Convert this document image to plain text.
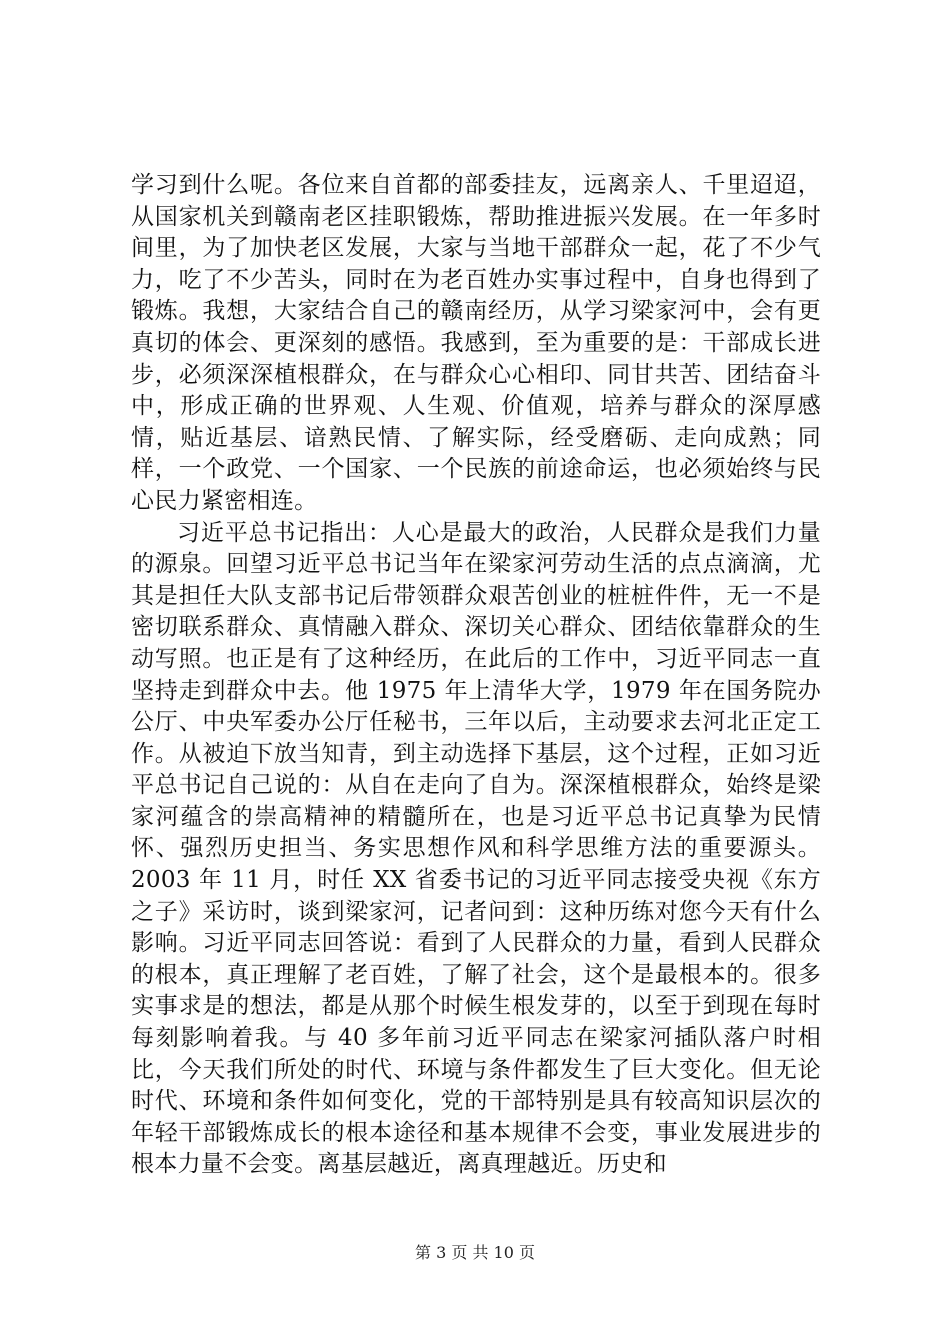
学习到什么呢。各位来自首都的部委挂友，远离亲人、千里迢迢，从国家机关到赣南老区挂职锻炼，帮助推进振兴发展。在一年多时间里，为了加快老区发展，大家与当地干部群众一起，花了不少气力，吃了不少苦头，同时在为老百姓办实事过程中，自身也得到了锻炼。我想，大家结合自己的赣南经历，从学习梁家河中，会有更真切的体会、更深刻的感悟。我感到，至为重要的是：干部成长进步，必须深深植根群众，在与群众心心相印、同甘共苦、团结奋斗中，形成正确的世界观、人生观、价值观，培养与群众的深厚感情，贴近基层、谙熟民情、了解实际，经受磨砺、走向成熟；同样，一个政党、一个国家、一个民族的前途命运，也必须始终与民心民力紧密相连。

习近平总书记指出：人心是最大的政治，人民群众是我们力量的源泉。回望习近平总书记当年在梁家河劳动生活的点点滴滴，尤其是担任大队支部书记后带领群众艰苦创业的桩桩件件，无一不是密切联系群众、真情融入群众、深切关心群众、团结依靠群众的生动写照。也正是有了这种经历，在此后的工作中，习近平同志一直坚持走到群众中去。他 1975 年上清华大学，1979 年在国务院办公厅、中央军委办公厅任秘书，三年以后，主动要求去河北正定工作。从被迫下放当知青，到主动选择下基层，这个过程，正如习近平总书记自己说的：从自在走向了自为。深深植根群众，始终是梁家河蕴含的崇高精神的精髓所在，也是习近平总书记真挚为民情怀、强烈历史担当、务实思想作风和科学思维方法的重要源头。2003 年 11 月，时任 XX 省委书记的习近平同志接受央视《东方之子》采访时，谈到梁家河，记者问到：这种历练对您今天有什么影响。习近平同志回答说：看到了人民群众的力量，看到人民群众的根本，真正理解了老百姓，了解了社会，这个是最根本的。很多实事求是的想法，都是从那个时候生根发芽的，以至于到现在每时每刻影响着我。与 40 多年前习近平同志在梁家河插队落户时相比，今天我们所处的时代、环境与条件都发生了巨大变化。但无论时代、环境和条件如何变化，党的干部特别是具有较高知识层次的年轻干部锻炼成长的根本途径和基本规律不会变，事业发展进步的根本力量不会变。离基层越近，离真理越近。历史和

第 3 页 共 10 页
